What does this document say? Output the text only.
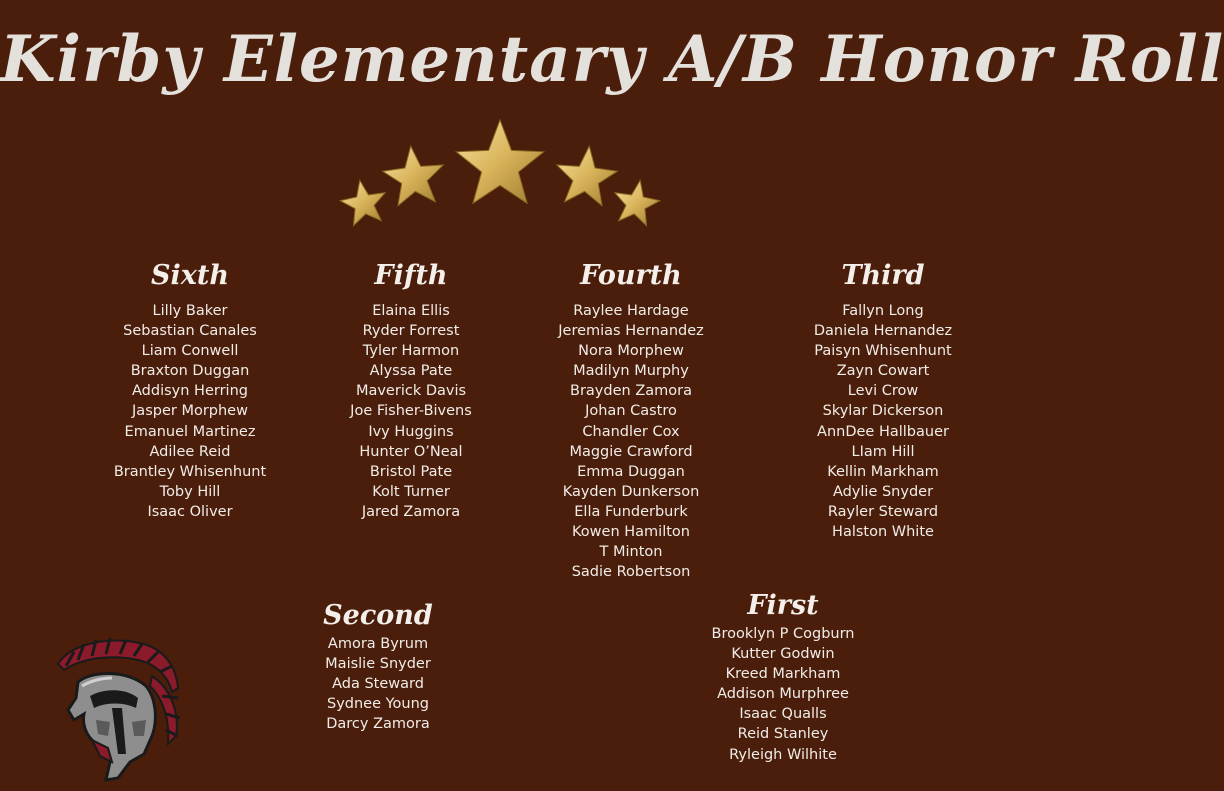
Kirby Elementary A/B Honor Roll
Sixth
Lilly Baker
Sebastian Canales
Liam Conwell
Braxton Duggan
Addisyn Herring
Jasper Morphew
Emanuel Martinez
Adilee Reid
Brantley Whisenhunt
Toby Hill
Isaac Oliver
Fifth
Elaina Ellis
Ryder Forrest
Tyler Harmon
Alyssa Pate
Maverick Davis
Joe Fisher-Bivens
Ivy Huggins
Hunter O’Neal
Bristol Pate
Kolt Turner
Jared Zamora
Fourth
Raylee Hardage
Jeremias Hernandez
Nora Morphew
Madilyn Murphy
Brayden Zamora
Johan Castro
Chandler Cox
Maggie Crawford
Emma Duggan
Kayden Dunkerson
Ella Funderburk
Kowen Hamilton
T Minton
Sadie Robertson
Third
Fallyn Long
Daniela Hernandez
Paisyn Whisenhunt
Zayn Cowart
Levi Crow
Skylar Dickerson
AnnDee Hallbauer
LIam Hill
Kellin Markham
Adylie Snyder
Rayler Steward
Halston White
Second
Amora Byrum
Maislie Snyder
Ada Steward
Sydnee Young
Darcy Zamora
First
Brooklyn P Cogburn
Kutter Godwin
Kreed Markham
Addison Murphree
Isaac Qualls
Reid Stanley
Ryleigh Wilhite
